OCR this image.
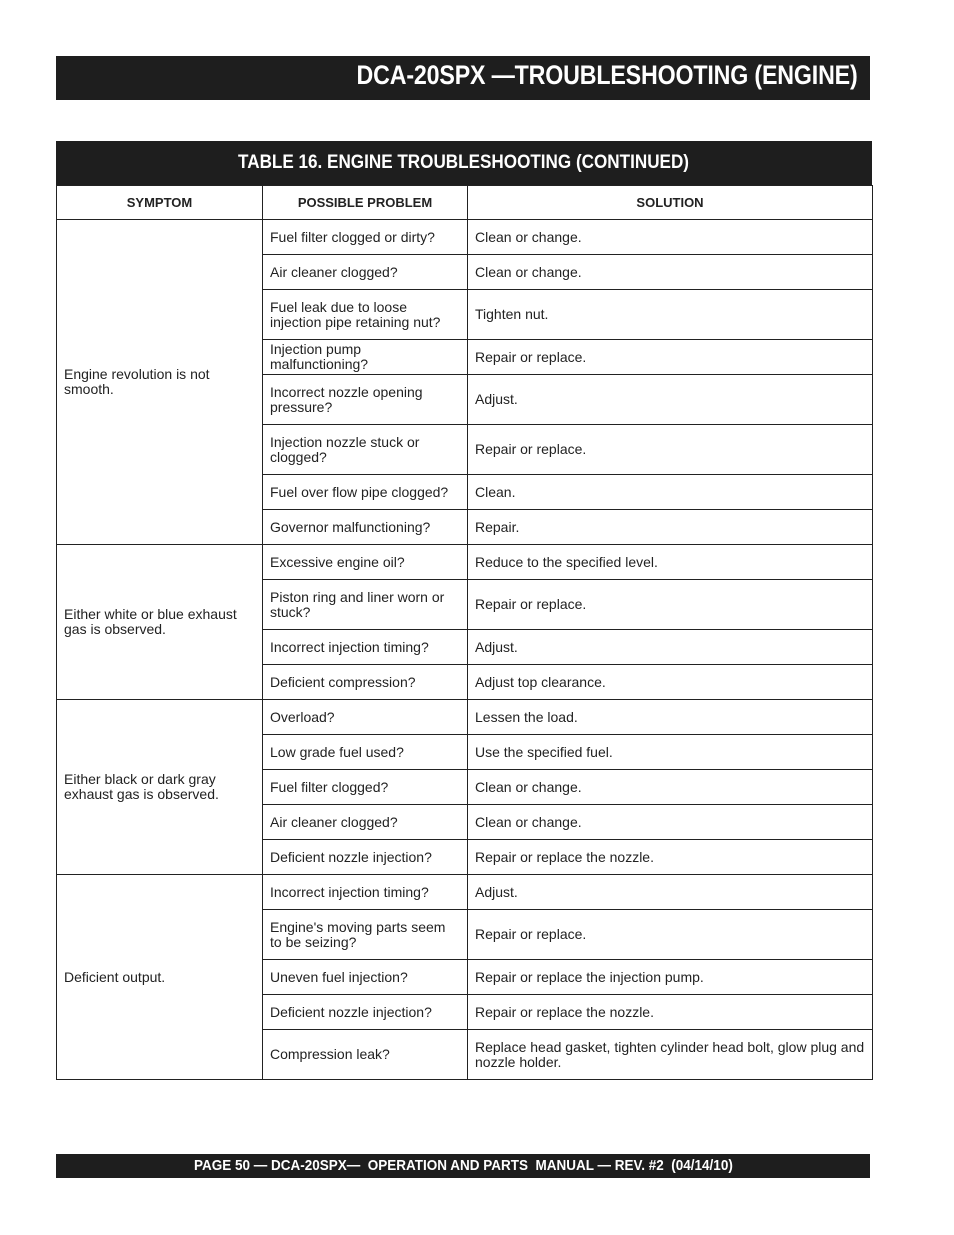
DCA-20SPX —TROUBLESHOOTING (ENGINE)
TABLE 16. ENGINE TROUBLESHOOTING (CONTINUED)
SYMPTOM	POSSIBLE PROBLEM	SOLUTION
Engine revolution is not smooth.	Fuel filter clogged or dirty?	Clean or change.
	Air cleaner clogged?	Clean or change.
	Fuel leak due to loose injection pipe retaining nut?	Tighten nut.
	Injection pump malfunctioning?	Repair or replace.
	Incorrect nozzle opening pressure?	Adjust.
	Injection nozzle stuck or clogged?	Repair or replace.
	Fuel over flow pipe clogged?	Clean.
	Governor malfunctioning?	Repair.
Either white or blue exhaust gas is observed.	Excessive engine oil?	Reduce to the specified level.
	Piston ring and liner worn or stuck?	Repair or replace.
	Incorrect injection timing?	Adjust.
	Deficient compression?	Adjust top clearance.
Either black or dark gray exhaust gas is observed.	Overload?	Lessen the load.
	Low grade fuel used?	Use the specified fuel.
	Fuel filter clogged?	Clean or change.
	Air cleaner clogged?	Clean or change.
	Deficient nozzle injection?	Repair or replace the nozzle.
Deficient output.	Incorrect injection timing?	Adjust.
	Engine's moving parts seem to be seizing?	Repair or replace.
	Uneven fuel injection?	Repair or replace the injection pump.
	Deficient nozzle injection?	Repair or replace the nozzle.
	Compression leak?	Replace head gasket, tighten cylinder head bolt, glow plug and nozzle holder.
PAGE 50 — DCA-20SPX—  OPERATION AND PARTS  MANUAL — REV. #2  (04/14/10)
